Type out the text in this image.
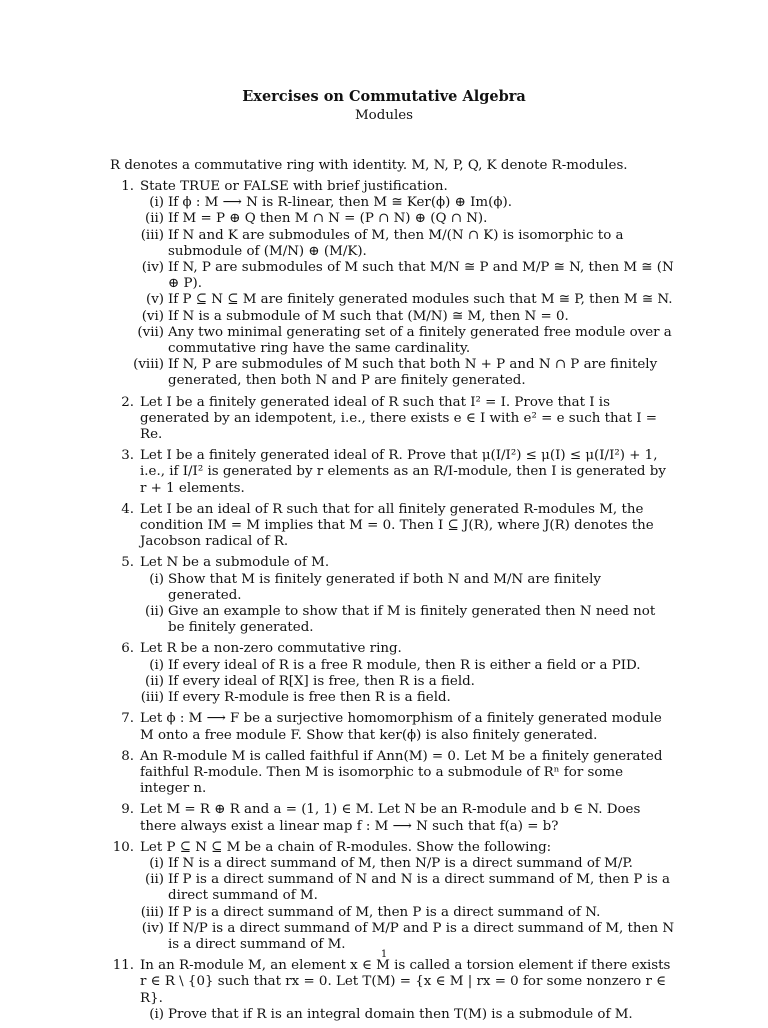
Exercises on Commutative Algebra
Modules
R denotes a commutative ring with identity. M, N, P, Q, K denote R-modules.
1. State TRUE or FALSE with brief justification.
(i) If ϕ : M ⟶ N is R-linear, then M ≅ Ker(ϕ) ⊕ Im(ϕ).
(ii) If M = P ⊕ Q then M ∩ N = (P ∩ N) ⊕ (Q ∩ N).
(iii) If N and K are submodules of M, then M/(N ∩ K) is isomorphic to a submodule of (M/N) ⊕ (M/K).
(iv) If N, P are submodules of M such that M/N ≅ P and M/P ≅ N, then M ≅ (N ⊕ P).
(v) If P ⊆ N ⊆ M are finitely generated modules such that M ≅ P, then M ≅ N.
(vi) If N is a submodule of M such that (M/N) ≅ M, then N = 0.
(vii) Any two minimal generating set of a finitely generated free module over a commutative ring have the same cardinality.
(viii) If N, P are submodules of M such that both N + P and N ∩ P are finitely generated, then both N and P are finitely generated.
2. Let I be a finitely generated ideal of R such that I² = I. Prove that I is generated by an idempotent, i.e., there exists e ∈ I with e² = e such that I = Re.
3. Let I be a finitely generated ideal of R. Prove that μ(I/I²) ≤ μ(I) ≤ μ(I/I²) + 1, i.e., if I/I² is generated by r elements as an R/I-module, then I is generated by r + 1 elements.
4. Let I be an ideal of R such that for all finitely generated R-modules M, the condition IM = M implies that M = 0. Then I ⊆ J(R), where J(R) denotes the Jacobson radical of R.
5. Let N be a submodule of M.
(i) Show that M is finitely generated if both N and M/N are finitely generated.
(ii) Give an example to show that if M is finitely generated then N need not be finitely generated.
6. Let R be a non-zero commutative ring.
(i) If every ideal of R is a free R module, then R is either a field or a PID.
(ii) If every ideal of R[X] is free, then R is a field.
(iii) If every R-module is free then R is a field.
7. Let ϕ : M ⟶ F be a surjective homomorphism of a finitely generated module M onto a free module F. Show that ker(ϕ) is also finitely generated.
8. An R-module M is called faithful if Ann(M) = 0. Let M be a finitely generated faithful R-module. Then M is isomorphic to a submodule of Rⁿ for some integer n.
9. Let M = R ⊕ R and a = (1, 1) ∈ M. Let N be an R-module and b ∈ N. Does there always exist a linear map f : M ⟶ N such that f(a) = b?
10. Let P ⊆ N ⊆ M be a chain of R-modules. Show the following:
(i) If N is a direct summand of M, then N/P is a direct summand of M/P.
(ii) If P is a direct summand of N and N is a direct summand of M, then P is a direct summand of M.
(iii) If P is a direct summand of M, then P is a direct summand of N.
(iv) If N/P is a direct summand of M/P and P is a direct summand of M, then N is a direct summand of M.
11. In an R-module M, an element x ∈ M is called a torsion element if there exists r ∈ R \ {0} such that rx = 0. Let T(M) = {x ∈ M | rx = 0 for some nonzero r ∈ R}.
(i) Prove that if R is an integral domain then T(M) is a submodule of M.
1
